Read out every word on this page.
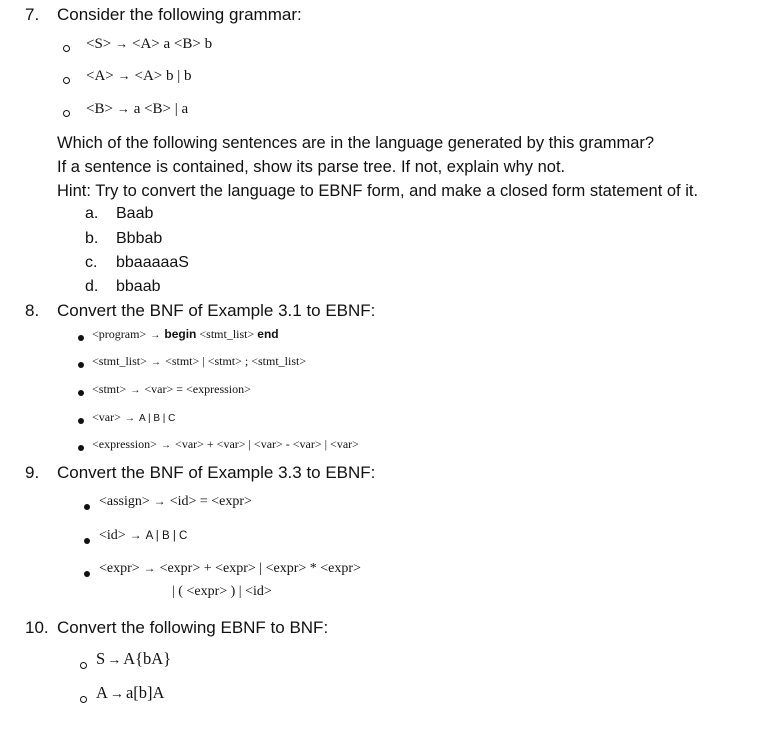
7. Consider the following grammar:
<S> → <A> a <B> b
<A> → <A> b | b
<B> → a <B> | a
Which of the following sentences are in the language generated by this grammar?
If a sentence is contained, show its parse tree. If not, explain why not.
Hint: Try to convert the language to EBNF form, and make a closed form statement of it.
a. Baab
b. Bbbab
c. bbaaaaaS
d. bbaab
8. Convert the BNF of Example 3.1 to EBNF:
<program> → begin <stmt_list> end
<stmt_list> → <stmt> | <stmt> ; <stmt_list>
<stmt> → <var> = <expression>
<var> → A | B | C
<expression> → <var> + <var> | <var> - <var> | <var>
9. Convert the BNF of Example 3.3 to EBNF:
<assign> → <id> = <expr>
<id> → A | B | C
<expr> → <expr> + <expr> | <expr> * <expr>
| ( <expr> ) | <id>
10. Convert the following EBNF to BNF:
S → A{bA}
A → a[b]A
